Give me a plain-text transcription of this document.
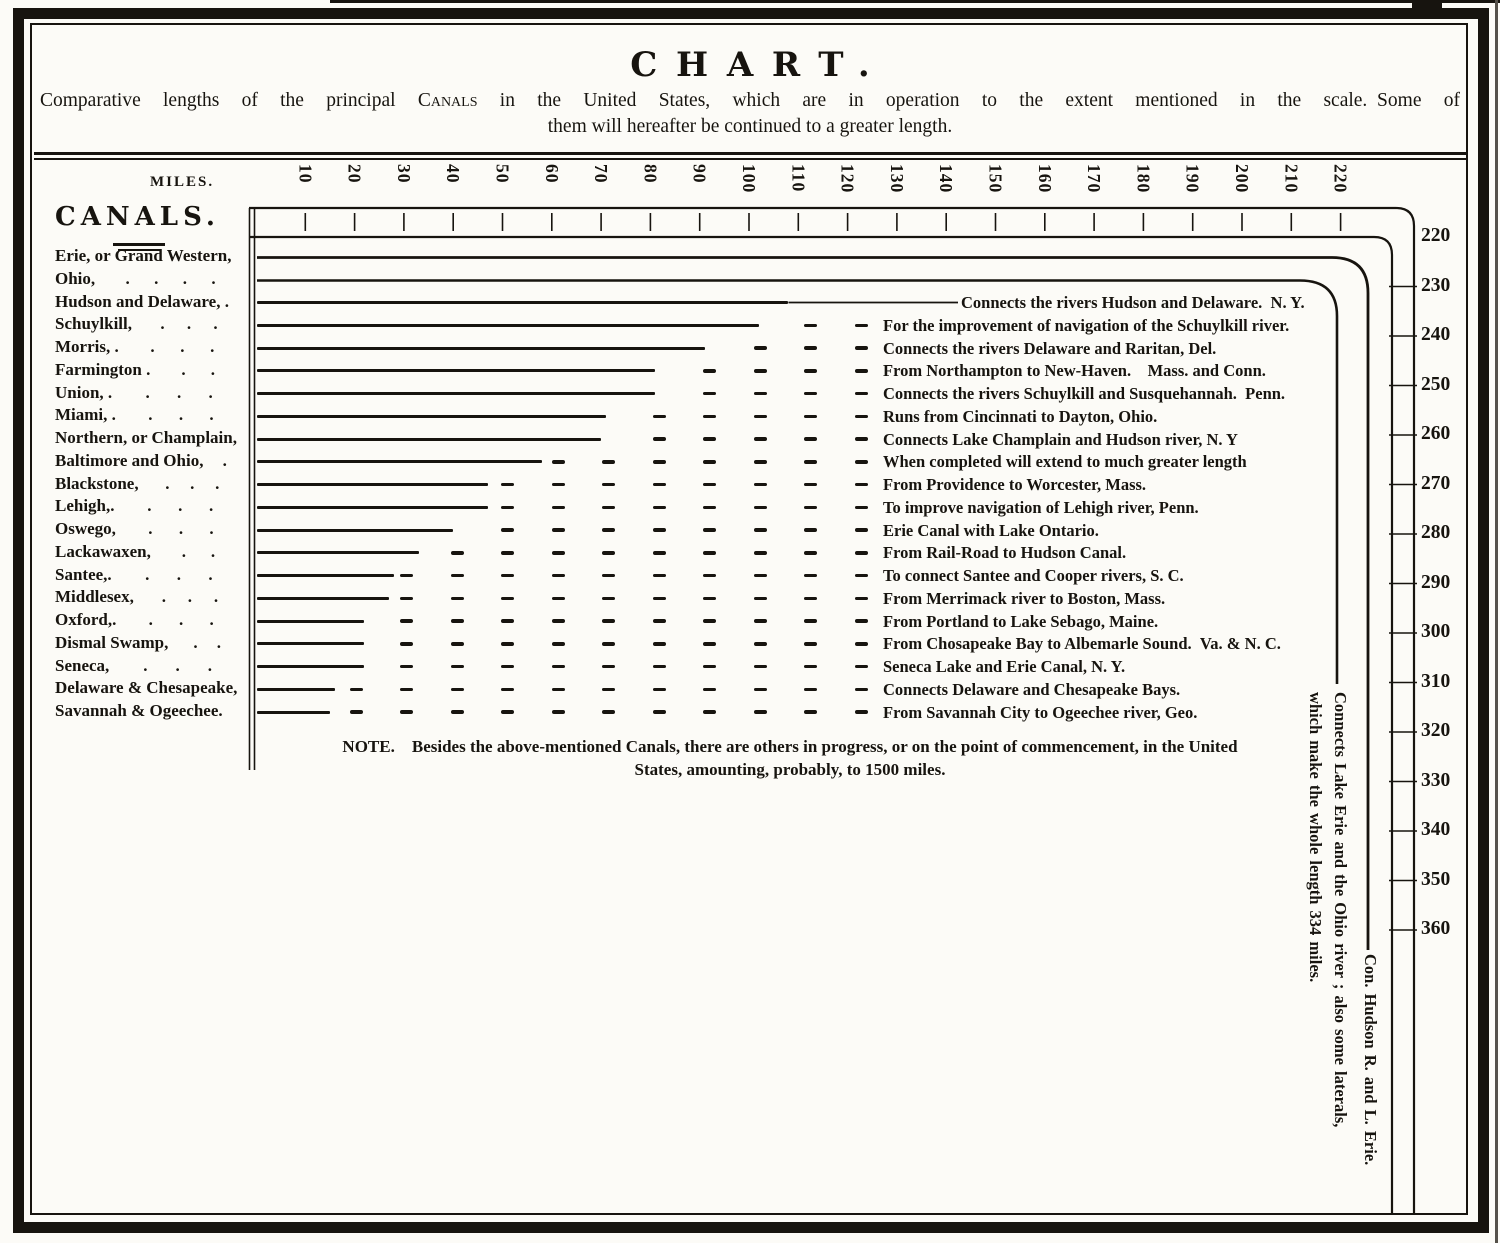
CHART.
Comparative lengths of the principal Canals in the United States, which are in operation to the extent mentioned in the scale. Some of
them will hereafter be continued to a greater length.
MILES.
CANALS.
10 20 30 40 50 60 70 80 90 100 110 120 130 140 150 160 170 180 190 200 210 220
220
230
240
250
260
270
280
290
300
310
320
330
340
350
360
Erie, or Grand Western,
Ohio, . . . .
Hudson and Delaware, .	Connects the rivers Hudson and Delaware. N. Y.
Schuylkill, . . .	For the improvement of navigation of the Schuylkill river.
Morris, . . . .	Connects the rivers Delaware and Raritan, Del.
Farmington . . .	From Northampton to New-Haven. Mass. and Conn.
Union, . . . .	Connects the rivers Schuylkill and Susquehannah. Penn.
Miami, . . . .	Runs from Cincinnati to Dayton, Ohio.
Northern, or Champlain,	Connects Lake Champlain and Hudson river, N. Y
Baltimore and Ohio, .	When completed will extend to much greater length
Blackstone, . . .	From Providence to Worcester, Mass.
Lehigh,. . . .	To improve navigation of Lehigh river, Penn.
Oswego, . . .	Erie Canal with Lake Ontario.
Lackawaxen, . .	From Rail-Road to Hudson Canal.
Santee,. . . .	To connect Santee and Cooper rivers, S. C.
Middlesex, . . .	From Merrimack river to Boston, Mass.
Oxford,. . . .	From Portland to Lake Sebago, Maine.
Dismal Swamp, . .	From Chosapeake Bay to Albemarle Sound. Va. & N. C.
Seneca, . . .	Seneca Lake and Erie Canal, N. Y.
Delaware & Chesapeake,	Connects Delaware and Chesapeake Bays.
Savannah & Ogeechee.	From Savannah City to Ogeechee river, Geo.
Con. Hudson R. and L. Erie.
Connects Lake Erie and the Ohio river ; also some laterals,
which make the whole length 334 miles.
NOTE. Besides the above-mentioned Canals, there are others in progress, or on the point of commencement, in the United
States, amounting, probably, to 1500 miles.
